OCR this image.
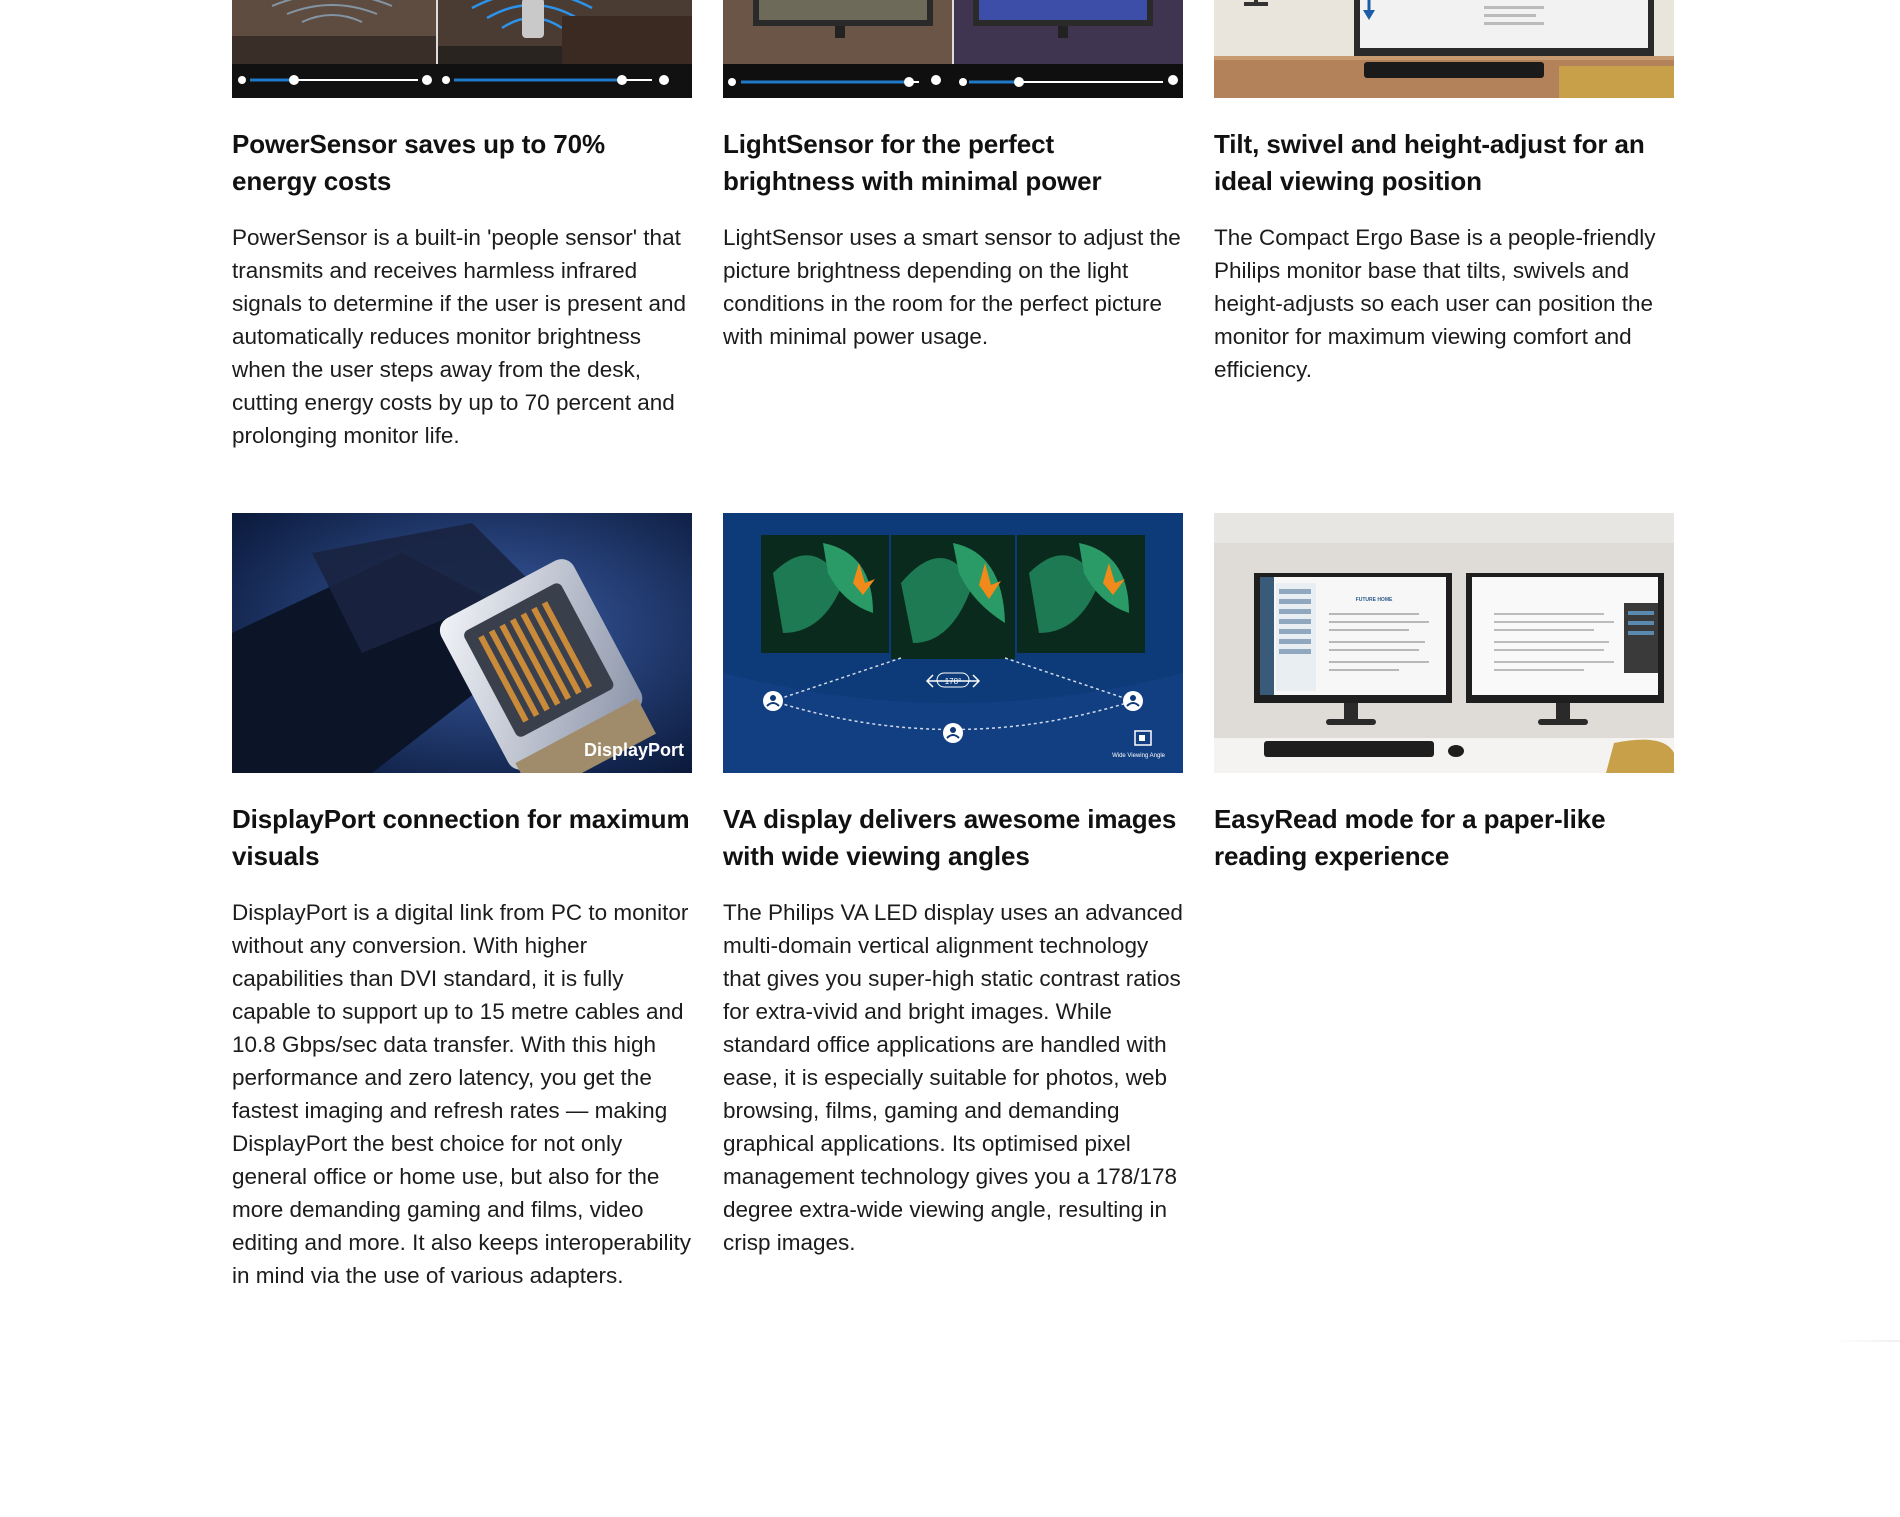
PowerSensor saves up to 70% energy costs

PowerSensor is a built-in 'people sensor' that transmits and receives harmless infrared signals to determine if the user is present and automatically reduces monitor brightness when the user steps away from the desk, cutting energy costs by up to 70 percent and prolonging monitor life.

LightSensor for the perfect brightness with minimal power

LightSensor uses a smart sensor to adjust the picture brightness depending on the light conditions in the room for the perfect picture with minimal power usage.

Tilt, swivel and height-adjust for an ideal viewing position

The Compact Ergo Base is a people-friendly Philips monitor base that tilts, swivels and height-adjusts so each user can position the monitor for maximum viewing comfort and efficiency.

DisplayPort
DisplayPort connection for maximum visuals

DisplayPort is a digital link from PC to monitor without any conversion. With higher capabilities than DVI standard, it is fully capable to support up to 15 metre cables and 10.8 Gbps/sec data transfer. With this high performance and zero latency, you get the fastest imaging and refresh rates — making DisplayPort the best choice for not only general office or home use, but also for the more demanding gaming and films, video editing and more. It also keeps interoperability in mind via the use of various adapters.

178°
Wide Viewing Angle
VA display delivers awesome images with wide viewing angles

The Philips VA LED display uses an advanced multi-domain vertical alignment technology that gives you super-high static contrast ratios for extra-vivid and bright images. While standard office applications are handled with ease, it is especially suitable for photos, web browsing, films, gaming and demanding graphical applications. Its optimised pixel management technology gives you a 178/178 degree extra-wide viewing angle, resulting in crisp images.

FUTURE HOME
EasyRead mode for a paper-like reading experience
